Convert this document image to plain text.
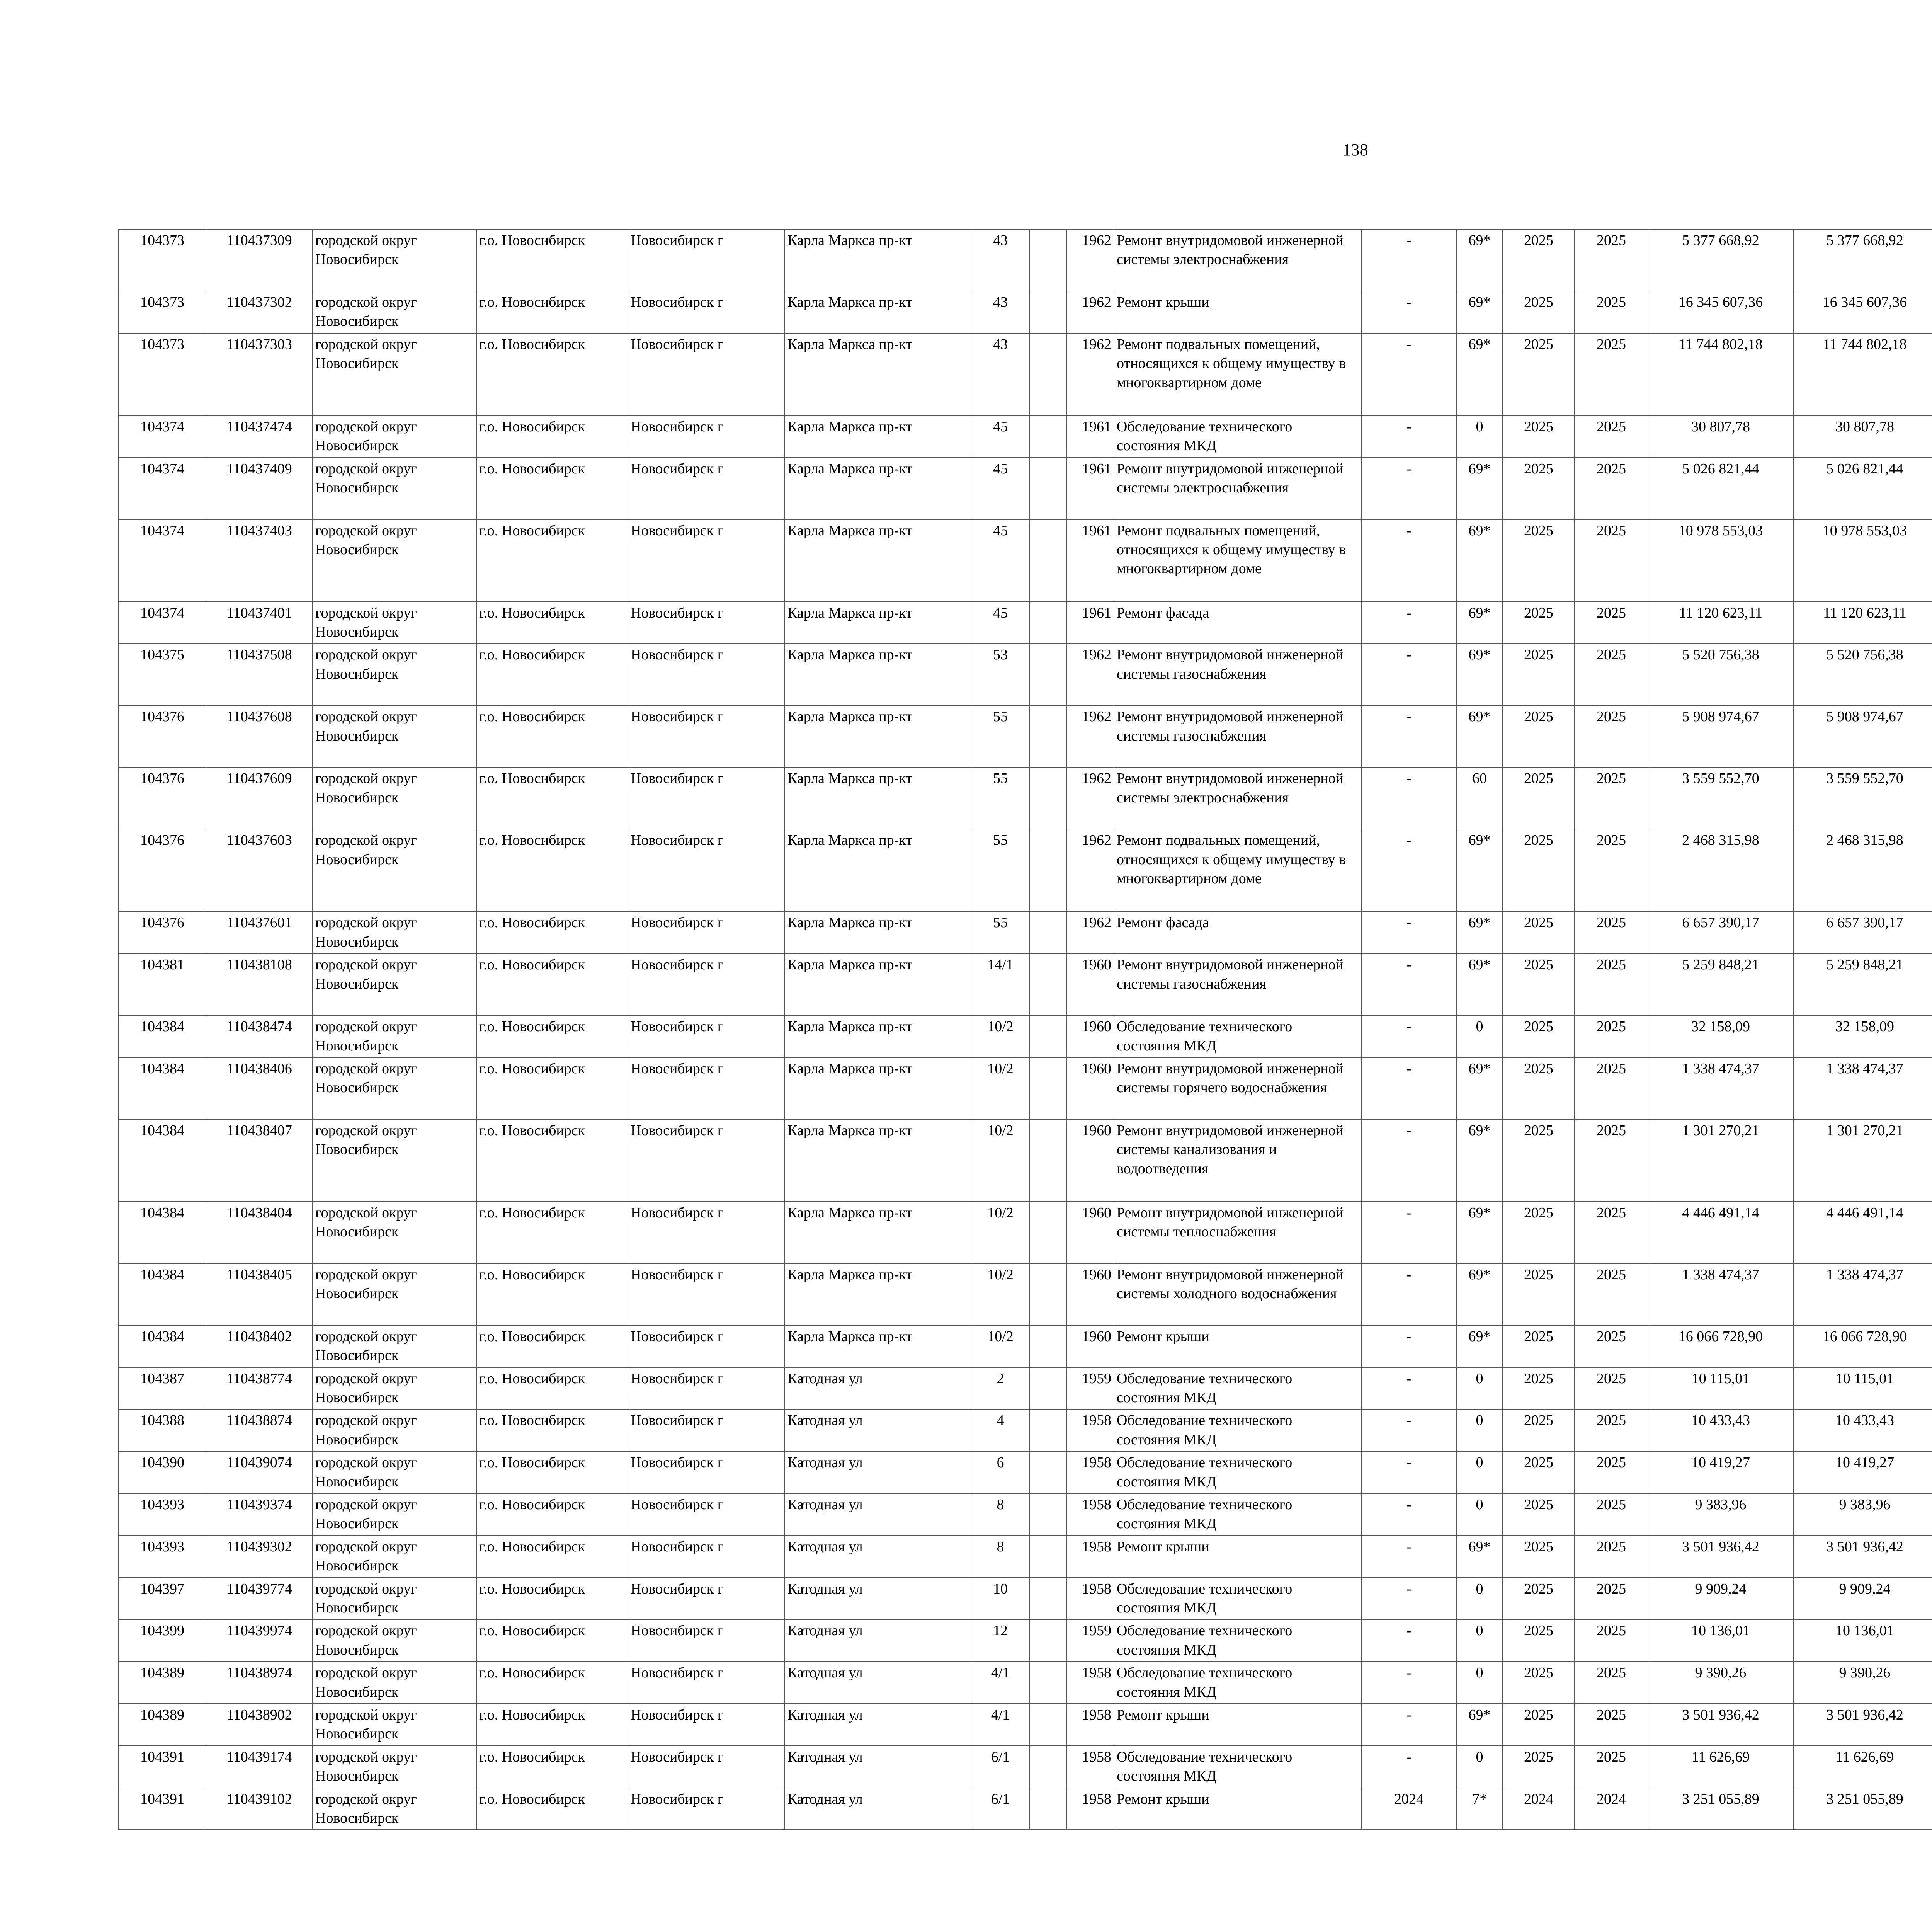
138
104373	110437309	городской округ Новосибирск	г.о. Новосибирск	Новосибирск г	Карла Маркса пр-кт	43		1962	Ремонт внутридомовой инженерной системы электроснабжения	-	69*	2025	2025	5 377 668,92	5 377 668,92						
104373	110437302	городской округ Новосибирск	г.о. Новосибирск	Новосибирск г	Карла Маркса пр-кт	43		1962	Ремонт крыши	-	69*	2025	2025	16 345 607,36	16 345 607,36						
104373	110437303	городской округ Новосибирск	г.о. Новосибирск	Новосибирск г	Карла Маркса пр-кт	43		1962	Ремонт подвальных помещений, относящихся к общему имуществу в многоквартирном доме	-	69*	2025	2025	11 744 802,18	11 744 802,18						
104374	110437474	городской округ Новосибирск	г.о. Новосибирск	Новосибирск г	Карла Маркса пр-кт	45		1961	Обследование технического состояния МКД	-	0	2025	2025	30 807,78	30 807,78						
104374	110437409	городской округ Новосибирск	г.о. Новосибирск	Новосибирск г	Карла Маркса пр-кт	45		1961	Ремонт внутридомовой инженерной системы электроснабжения	-	69*	2025	2025	5 026 821,44	5 026 821,44						
104374	110437403	городской округ Новосибирск	г.о. Новосибирск	Новосибирск г	Карла Маркса пр-кт	45		1961	Ремонт подвальных помещений, относящихся к общему имуществу в многоквартирном доме	-	69*	2025	2025	10 978 553,03	10 978 553,03						
104374	110437401	городской округ Новосибирск	г.о. Новосибирск	Новосибирск г	Карла Маркса пр-кт	45		1961	Ремонт фасада	-	69*	2025	2025	11 120 623,11	11 120 623,11						
104375	110437508	городской округ Новосибирск	г.о. Новосибирск	Новосибирск г	Карла Маркса пр-кт	53		1962	Ремонт внутридомовой инженерной системы газоснабжения	-	69*	2025	2025	5 520 756,38	5 520 756,38						
104376	110437608	городской округ Новосибирск	г.о. Новосибирск	Новосибирск г	Карла Маркса пр-кт	55		1962	Ремонт внутридомовой инженерной системы газоснабжения	-	69*	2025	2025	5 908 974,67	5 908 974,67						
104376	110437609	городской округ Новосибирск	г.о. Новосибирск	Новосибирск г	Карла Маркса пр-кт	55		1962	Ремонт внутридомовой инженерной системы электроснабжения	-	60	2025	2025	3 559 552,70	3 559 552,70						
104376	110437603	городской округ Новосибирск	г.о. Новосибирск	Новосибирск г	Карла Маркса пр-кт	55		1962	Ремонт подвальных помещений, относящихся к общему имуществу в многоквартирном доме	-	69*	2025	2025	2 468 315,98	2 468 315,98						
104376	110437601	городской округ Новосибирск	г.о. Новосибирск	Новосибирск г	Карла Маркса пр-кт	55		1962	Ремонт фасада	-	69*	2025	2025	6 657 390,17	6 657 390,17						
104381	110438108	городской округ Новосибирск	г.о. Новосибирск	Новосибирск г	Карла Маркса пр-кт	14/1		1960	Ремонт внутридомовой инженерной системы газоснабжения	-	69*	2025	2025	5 259 848,21	5 259 848,21						
104384	110438474	городской округ Новосибирск	г.о. Новосибирск	Новосибирск г	Карла Маркса пр-кт	10/2		1960	Обследование технического состояния МКД	-	0	2025	2025	32 158,09	32 158,09						
104384	110438406	городской округ Новосибирск	г.о. Новосибирск	Новосибирск г	Карла Маркса пр-кт	10/2		1960	Ремонт внутридомовой инженерной системы горячего водоснабжения	-	69*	2025	2025	1 338 474,37	1 338 474,37						
104384	110438407	городской округ Новосибирск	г.о. Новосибирск	Новосибирск г	Карла Маркса пр-кт	10/2		1960	Ремонт внутридомовой инженерной системы канализования и водоотведения	-	69*	2025	2025	1 301 270,21	1 301 270,21						
104384	110438404	городской округ Новосибирск	г.о. Новосибирск	Новосибирск г	Карла Маркса пр-кт	10/2		1960	Ремонт внутридомовой инженерной системы теплоснабжения	-	69*	2025	2025	4 446 491,14	4 446 491,14						
104384	110438405	городской округ Новосибирск	г.о. Новосибирск	Новосибирск г	Карла Маркса пр-кт	10/2		1960	Ремонт внутридомовой инженерной системы холодного водоснабжения	-	69*	2025	2025	1 338 474,37	1 338 474,37						
104384	110438402	городской округ Новосибирск	г.о. Новосибирск	Новосибирск г	Карла Маркса пр-кт	10/2		1960	Ремонт крыши	-	69*	2025	2025	16 066 728,90	16 066 728,90						
104387	110438774	городской округ Новосибирск	г.о. Новосибирск	Новосибирск г	Катодная ул	2		1959	Обследование технического состояния МКД	-	0	2025	2025	10 115,01	10 115,01						
104388	110438874	городской округ Новосибирск	г.о. Новосибирск	Новосибирск г	Катодная ул	4		1958	Обследование технического состояния МКД	-	0	2025	2025	10 433,43	10 433,43						
104390	110439074	городской округ Новосибирск	г.о. Новосибирск	Новосибирск г	Катодная ул	6		1958	Обследование технического состояния МКД	-	0	2025	2025	10 419,27	10 419,27						
104393	110439374	городской округ Новосибирск	г.о. Новосибирск	Новосибирск г	Катодная ул	8		1958	Обследование технического состояния МКД	-	0	2025	2025	9 383,96	9 383,96						
104393	110439302	городской округ Новосибирск	г.о. Новосибирск	Новосибирск г	Катодная ул	8		1958	Ремонт крыши	-	69*	2025	2025	3 501 936,42	3 501 936,42						
104397	110439774	городской округ Новосибирск	г.о. Новосибирск	Новосибирск г	Катодная ул	10		1958	Обследование технического состояния МКД	-	0	2025	2025	9 909,24	9 909,24						
104399	110439974	городской округ Новосибирск	г.о. Новосибирск	Новосибирск г	Катодная ул	12		1959	Обследование технического состояния МКД	-	0	2025	2025	10 136,01	10 136,01						
104389	110438974	городской округ Новосибирск	г.о. Новосибирск	Новосибирск г	Катодная ул	4/1		1958	Обследование технического состояния МКД	-	0	2025	2025	9 390,26	9 390,26						
104389	110438902	городской округ Новосибирск	г.о. Новосибирск	Новосибирск г	Катодная ул	4/1		1958	Ремонт крыши	-	69*	2025	2025	3 501 936,42	3 501 936,42						
104391	110439174	городской округ Новосибирск	г.о. Новосибирск	Новосибирск г	Катодная ул	6/1		1958	Обследование технического состояния МКД	-	0	2025	2025	11 626,69	11 626,69						
104391	110439102	городской округ Новосибирск	г.о. Новосибирск	Новосибирск г	Катодная ул	6/1		1958	Ремонт крыши	2024	7*	2024	2024	3 251 055,89	3 251 055,89						
